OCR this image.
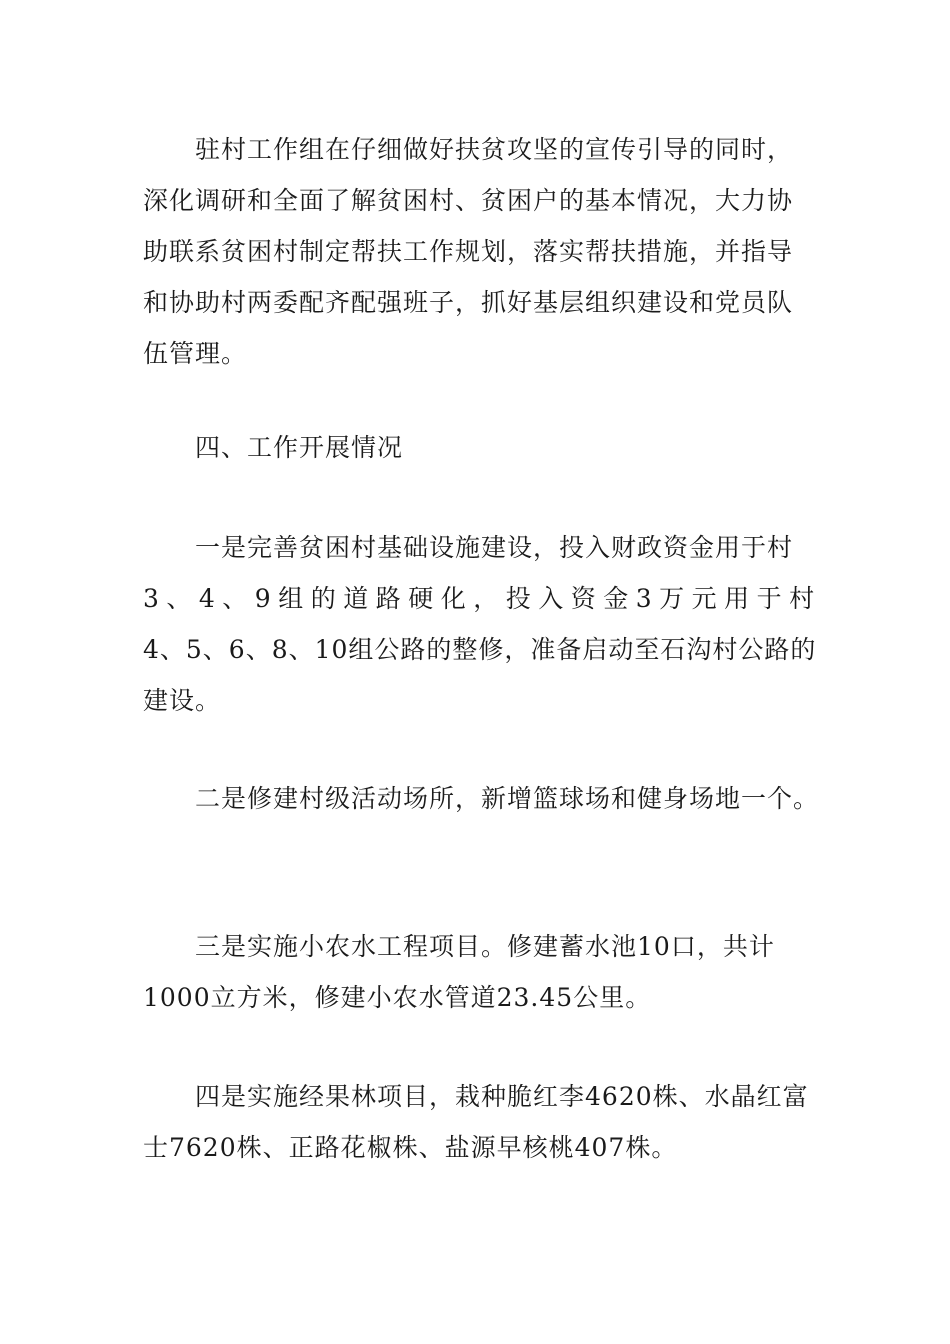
驻村工作组在仔细做好扶贫攻坚的宣传引导的同时，
深化调研和全面了解贫困村、贫困户的基本情况，大力协
助联系贫困村制定帮扶工作规划，落实帮扶措施，并指导
和协助村两委配齐配强班子，抓好基层组织建设和党员队
伍管理。
四、工作开展情况
一是完善贫困村基础设施建设，投入财政资金用于村
3、4、9组的道路硬化，投入资金3万元用于村
4、5、6、8、10组公路的整修，准备启动至石沟村公路的
建设。
二是修建村级活动场所，新增篮球场和健身场地一个。
三是实施小农水工程项目。修建蓄水池10口，共计
1000立方米，修建小农水管道23.45公里。
四是实施经果林项目，栽种脆红李4620株、水晶红富
士7620株、正路花椒株、盐源早核桃407株。
